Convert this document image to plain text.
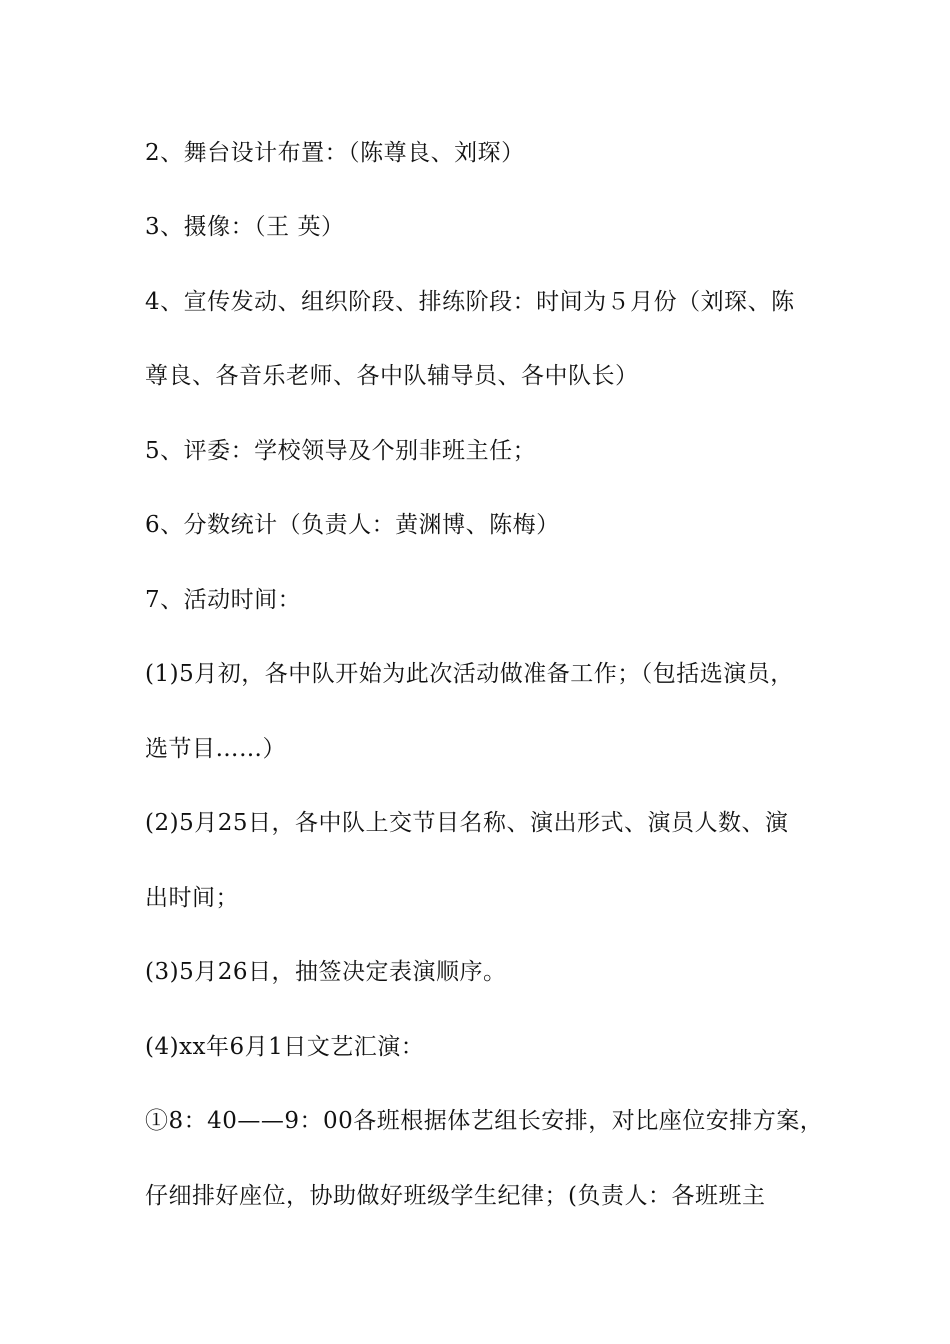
2、舞台设计布置：（陈尊良、刘琛）
3、摄像：（王 英）
4、宣传发动、组织阶段、排练阶段：时间为５月份（刘琛、陈
尊良、各音乐老师、各中队辅导员、各中队长）
5、评委：学校领导及个别非班主任；
6、分数统计（负责人：黄渊博、陈梅）
7、活动时间：
(1)5月初，各中队开始为此次活动做准备工作；（包括选演员，
选节目……）
(2)5月25日，各中队上交节目名称、演出形式、演员人数、演
出时间；
(3)5月26日，抽签决定表演顺序。
(4)xx年6月1日文艺汇演：
①8：40——9：00各班根据体艺组长安排，对比座位安排方案，
仔细排好座位，协助做好班级学生纪律；(负责人：各班班主
